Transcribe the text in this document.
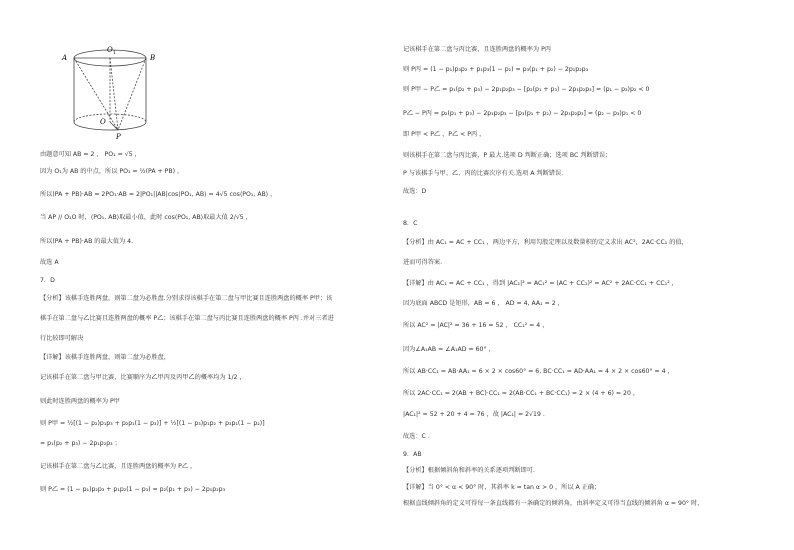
A	B
O 1
O
P
由题意可知 AB = 2 ， PO₁ = √5 ，
因为 O₁为 AB 的中点，所以 PO₁ = ½(PA + PB) ，
所以(PA + PB)·AB = 2PO₁·AB = 2|PO₁||AB|cos⟨PO₁, AB⟩ = 4√5 cos⟨PO₁, AB⟩ ，
当 AP // O₁O 时，⟨PO₁, AB⟩取最小值，此时 cos⟨PO₁, AB⟩取最大值 2/√5 ，
所以(PA + PB)·AB 的最大值为 4.
故选 A
7．D
【分析】该棋手连胜两盘，则第二盘为必胜盘.分别求得该棋手在第二盘与甲比赛且连胜两盘的概率 P甲；该
棋手在第二盘与乙比赛且连胜两盘的概率 P乙；该棋手在第二盘与丙比赛且连胜两盘的概率 P丙 .并对三者进
行比较即可解决
【详解】该棋手连胜两盘，则第二盘为必胜盘，
记该棋手在第二盘与甲比赛，比赛顺序为乙甲丙及丙甲乙的概率均为 1/2 ，
则此时连胜两盘的概率为 P甲
则 P甲 = ½[(1 − p₂)p₁p₃ + p₂p₁(1 − p₃)] + ½[(1 − p₃)p₁p₂ + p₃p₁(1 − p₂)]
= p₁(p₂ + p₃) − 2p₁p₂p₃ ；
记该棋手在第二盘与乙比赛，且连胜两盘的概率为 P乙 ，
则 P乙 = (1 − p₁)p₂p₃ + p₁p₂(1 − p₃) = p₂(p₁ + p₃) − 2p₁p₂p₃
记该棋手在第二盘与丙比赛，且连胜两盘的概率为 P丙
则 P丙 = (1 − p₁)p₃p₂ + p₁p₃(1 − p₂) = p₃(p₁ + p₂) − 2p₁p₂p₃
则 P甲 − P乙 = p₁(p₂ + p₃) − 2p₁p₂p₃ − [p₂(p₁ + p₃) − 2p₁p₂p₃] = (p₁ − p₃)p₂ < 0
P乙 − P丙 = p₂(p₁ + p₃) − 2p₁p₂p₃ − [p₃(p₁ + p₂) − 2p₁p₂p₃] = (p₂ − p₃)p₁ < 0
即 P甲 < P乙 ，P乙 < P丙 ，
则该棋手在第二盘与丙比赛，P 最大.选项 D 判断正确；选项 BC 判断错误；
P 与该棋手与甲、乙、丙的比赛次序有关.选项 A 判断错误.
故选：D
8．C
【分析】由 AC₁ = AC + CC₁ ，两边平方，利用勾股定理以及数量积的定义求出 AC²，2AC·CC₁ 的值，
进而可得答案.
【详解】由 AC₁ = AC + CC₁ ，得到 |AC₁|² = AC₁² = (AC + CC₁)² = AC² + 2AC·CC₁ + CC₁² ，
因为底面 ABCD 是矩形，AB = 6 ， AD = 4, AA₁ = 2 ，
所以 AC² = |AC|² = 36 + 16 = 52 ， CC₁² = 4 ，
因为∠A₁AB = ∠A₁AD = 60° ，
所以 AB·CC₁ = AB·AA₁ = 6 × 2 × cos60° = 6, BC·CC₁ = AD·AA₁ = 4 × 2 × cos60° = 4 ，
所以 2AC·CC₁ = 2(AB + BC)·CC₁ = 2(AB·CC₁ + BC·CC₁) = 2 × (4 + 6) = 20 ，
|AC₁|² = 52 + 20 + 4 = 76 ，故 |AC₁| = 2√19 .
故选：C .
9．AB
【分析】根据倾斜角和斜率的关系逐项判断即可.
【详解】当 0° < α < 90° 时，其斜率 k = tan α > 0 ，所以 A 正确；
根据直线倾斜角的定义可得每一条直线都有一条确定的倾斜角，由斜率定义可得当直线的倾斜角 α = 90° 时，
